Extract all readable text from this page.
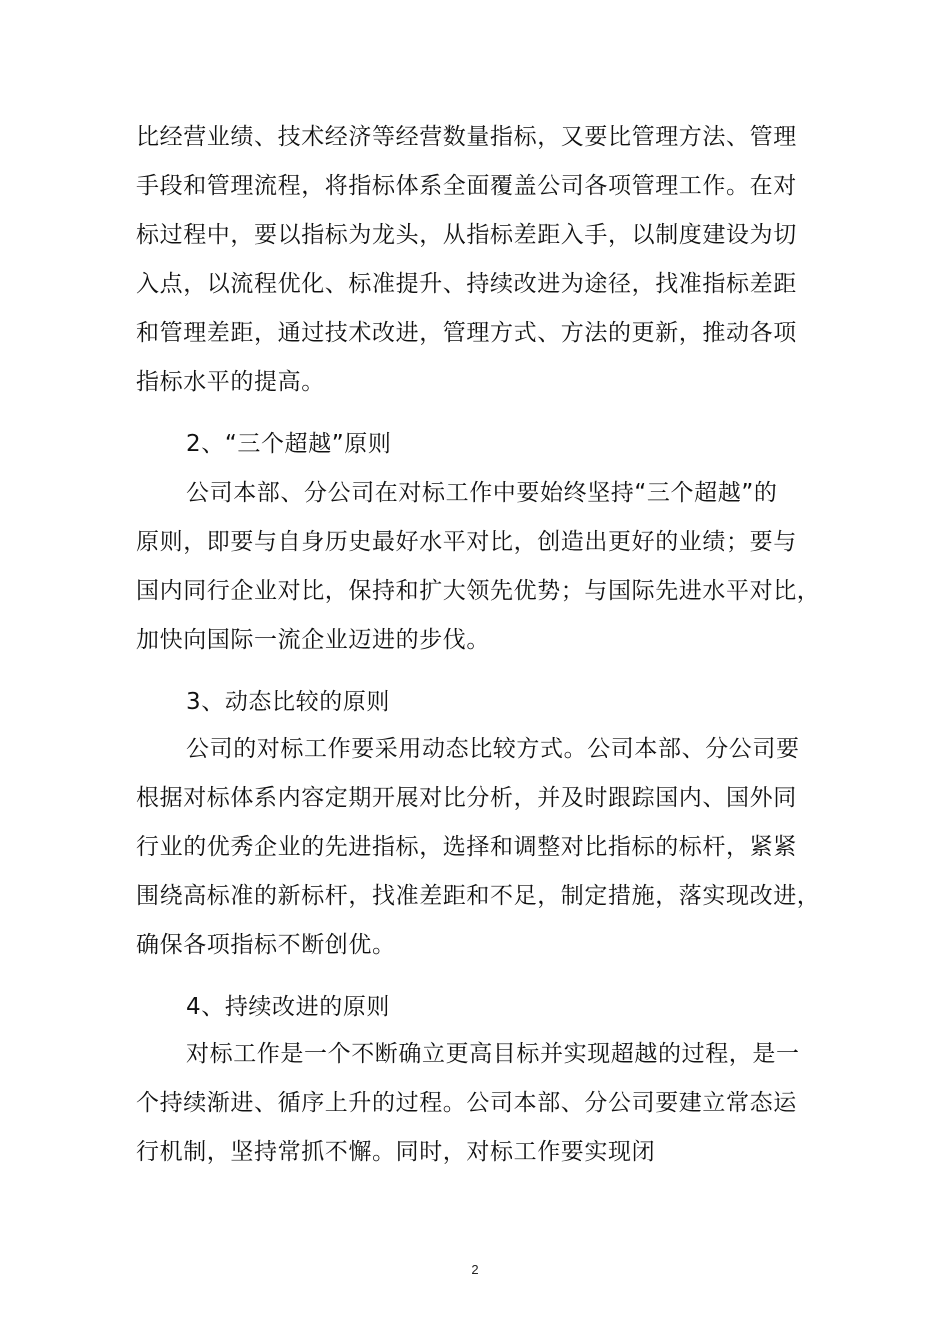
比经营业绩、技术经济等经营数量指标，又要比管理方法、管理
手段和管理流程，将指标体系全面覆盖公司各项管理工作。在对
标过程中，要以指标为龙头，从指标差距入手，以制度建设为切
入点，以流程优化、标准提升、持续改进为途径，找准指标差距
和管理差距，通过技术改进，管理方式、方法的更新，推动各项
指标水平的提高。
2、“三个超越”原则
公司本部、分公司在对标工作中要始终坚持“三个超越”的
原则，即要与自身历史最好水平对比，创造出更好的业绩；要与
国内同行企业对比，保持和扩大领先优势；与国际先进水平对比，
加快向国际一流企业迈进的步伐。
3、动态比较的原则
公司的对标工作要采用动态比较方式。公司本部、分公司要
根据对标体系内容定期开展对比分析，并及时跟踪国内、国外同
行业的优秀企业的先进指标，选择和调整对比指标的标杆，紧紧
围绕高标准的新标杆，找准差距和不足，制定措施，落实现改进，
确保各项指标不断创优。
4、持续改进的原则
对标工作是一个不断确立更高目标并实现超越的过程，是一
个持续渐进、循序上升的过程。公司本部、分公司要建立常态运
行机制，坚持常抓不懈。同时，对标工作要实现闭
2
